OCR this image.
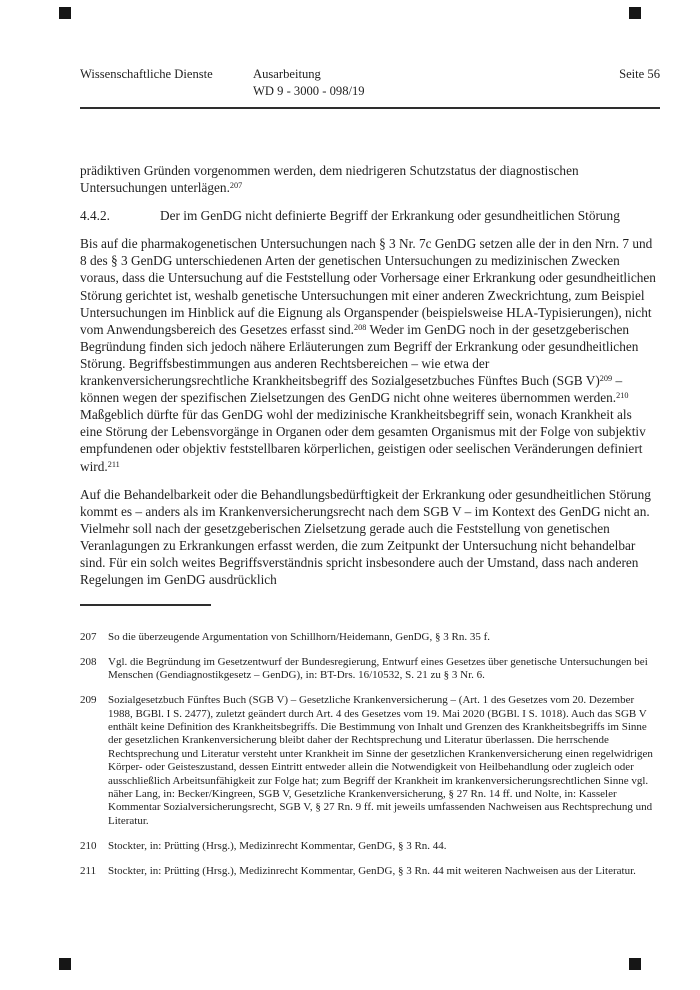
Wissenschaftliche Dienste	Ausarbeitung
WD 9 - 3000 - 098/19
Seite 56

prädiktiven Gründen vorgenommen werden, dem niedrigeren Schutzstatus der diagnostischen Untersuchungen unterlägen.$^{207}$

4.4.2.	Der im GenDG nicht definierte Begriff der Erkrankung oder gesundheitlichen Störung

Bis auf die pharmakogenetischen Untersuchungen nach § 3 Nr. 7c GenDG setzen alle der in den Nrn. 7 und 8 des § 3 GenDG unterschiedenen Arten der genetischen Untersuchungen zu medizinischen Zwecken voraus, dass die Untersuchung auf die Feststellung oder Vorhersage einer Erkrankung oder gesundheitlichen Störung gerichtet ist, weshalb genetische Untersuchungen mit einer anderen Zweckrichtung, zum Beispiel Untersuchungen im Hinblick auf die Eignung als Organspender (beispielsweise HLA-Typisierungen), nicht vom Anwendungsbereich des Gesetzes erfasst sind.$^{208}$ Weder im GenDG noch in der gesetzgeberischen Begründung finden sich jedoch nähere Erläuterungen zum Begriff der Erkrankung oder gesundheitlichen Störung. Begriffsbestimmungen aus anderen Rechtsbereichen – wie etwa der krankenversicherungsrechtliche Krankheitsbegriff des Sozialgesetzbuches Fünftes Buch (SGB V)$^{209}$ – können wegen der spezifischen Zielsetzungen des GenDG nicht ohne weiteres übernommen werden.$^{210}$ Maßgeblich dürfte für das GenDG wohl der medizinische Krankheitsbegriff sein, wonach Krankheit als eine Störung der Lebensvorgänge in Organen oder dem gesamten Organismus mit der Folge von subjektiv empfundenen oder objektiv feststellbaren körperlichen, geistigen oder seelischen Veränderungen definiert wird.$^{211}$

Auf die Behandelbarkeit oder die Behandlungsbedürftigkeit der Erkrankung oder gesundheitlichen Störung kommt es – anders als im Krankenversicherungsrecht nach dem SGB V – im Kontext des GenDG nicht an. Vielmehr soll nach der gesetzgeberischen Zielsetzung gerade auch die Feststellung von genetischen Veranlagungen zu Erkrankungen erfasst werden, die zum Zeitpunkt der Untersuchung nicht behandelbar sind. Für ein solch weites Begriffsverständnis spricht insbesondere auch der Umstand, dass nach anderen Regelungen im GenDG ausdrücklich

207	So die überzeugende Argumentation von Schillhorn/Heidemann, GenDG, § 3 Rn. 35 f.
208	Vgl. die Begründung im Gesetzentwurf der Bundesregierung, Entwurf eines Gesetzes über genetische Untersuchungen bei Menschen (Gendiagnostikgesetz – GenDG), in: BT-Drs. 16/10532, S. 21 zu § 3 Nr. 6.
209	Sozialgesetzbuch Fünftes Buch (SGB V) – Gesetzliche Krankenversicherung – (Art. 1 des Gesetzes vom 20. Dezember 1988, BGBl. I S. 2477), zuletzt geändert durch Art. 4 des Gesetzes vom 19. Mai 2020 (BGBl. I S. 1018). Auch das SGB V enthält keine Definition des Krankheitsbegriffs. Die Bestimmung von Inhalt und Grenzen des Krankheitsbegriffs im Sinne der gesetzlichen Krankenversicherung bleibt daher der Rechtsprechung und Literatur überlassen. Die herrschende Rechtsprechung und Literatur versteht unter Krankheit im Sinne der gesetzlichen Krankenversicherung einen regelwidrigen Körper- oder Geisteszustand, dessen Eintritt entweder allein die Notwendigkeit von Heilbehandlung oder zugleich oder ausschließlich Arbeitsunfähigkeit zur Folge hat; zum Begriff der Krankheit im krankenversicherungsrechtlichen Sinne vgl. näher Lang, in: Becker/Kingreen, SGB V, Gesetzliche Krankenversicherung, § 27 Rn. 14 ff. und Nolte, in: Kasseler Kommentar Sozialversicherungsrecht, SGB V, § 27 Rn. 9 ff. mit jeweils umfassenden Nachweisen aus Rechtsprechung und Literatur.
210	Stockter, in: Prütting (Hrsg.), Medizinrecht Kommentar, GenDG, § 3 Rn. 44.
211	Stockter, in: Prütting (Hrsg.), Medizinrecht Kommentar, GenDG, § 3 Rn. 44 mit weiteren Nachweisen aus der Literatur.
